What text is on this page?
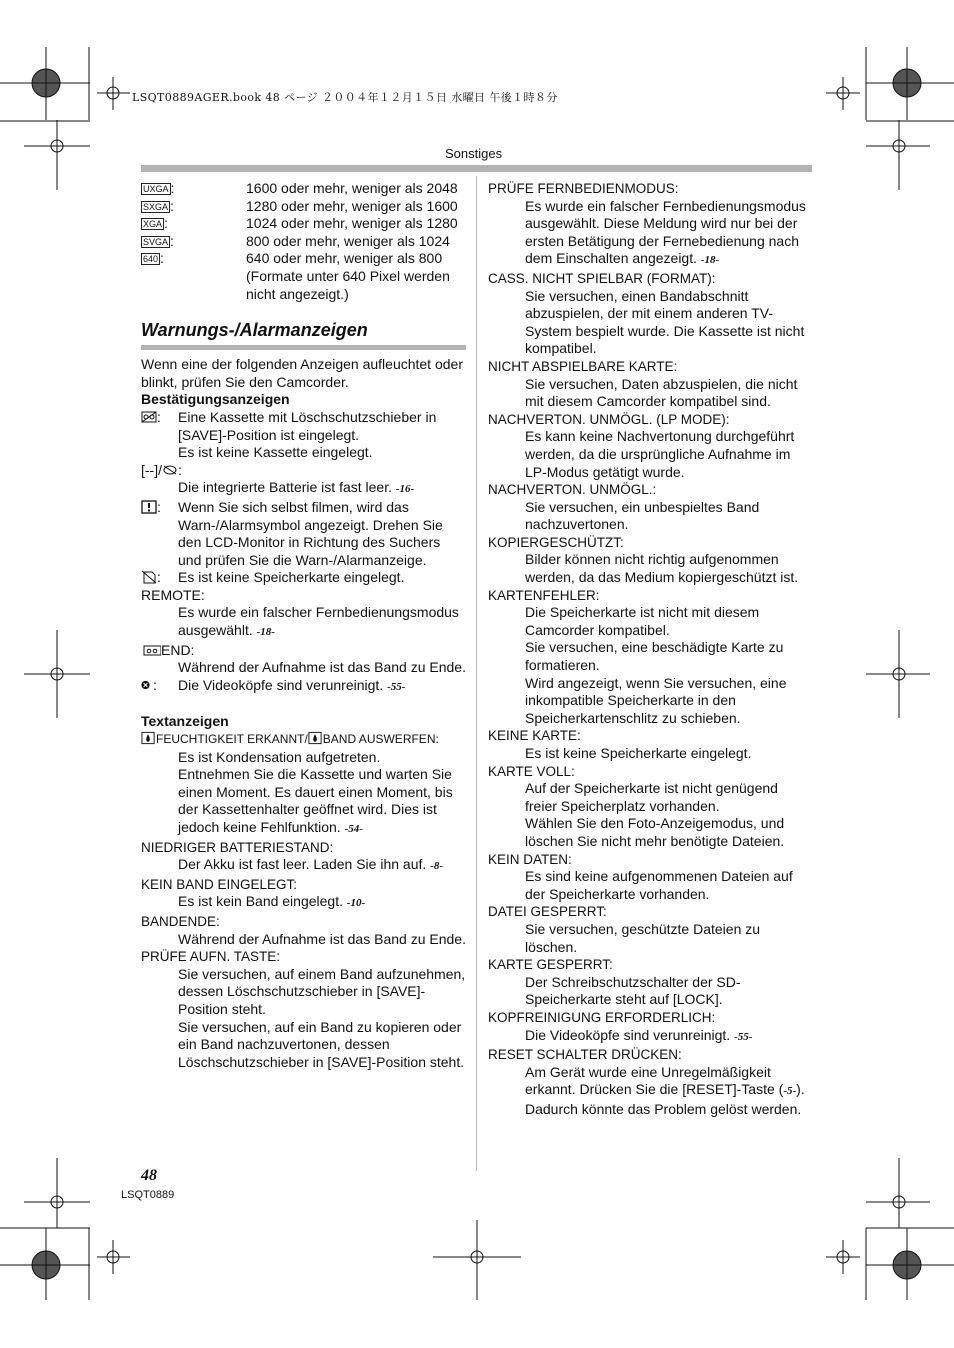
LSQT0889AGER.book 48 ページ ２００４年１２月１５日 水曜日 午後１時８分
Sonstiges
UXGA :	1600 oder mehr, weniger als 2048
SXGA :	1280 oder mehr, weniger als 1600
XGA :	1024 oder mehr, weniger als 1280
SVGA :	800 oder mehr, weniger als 1024
640 :	640 oder mehr, weniger als 800 (Formate unter 640 Pixel werden nicht angezeigt.)
Warnungs-/Alarmanzeigen
Wenn eine der folgenden Anzeigen aufleuchtet oder blinkt, prüfen Sie den Camcorder.
Bestätigungsanzeigen
:	Eine Kassette mit Löschschutzschieber in [SAVE]-Position ist eingelegt.
Es ist keine Kassette eingelegt.
[--]/ :
Die integrierte Batterie ist fast leer. -16-
:	Wenn Sie sich selbst filmen, wird das Warn-/Alarmsymbol angezeigt. Drehen Sie den LCD-Monitor in Richtung des Suchers und prüfen Sie die Warn-/Alarmanzeige.
:	Es ist keine Speicherkarte eingelegt.
REMOTE:
Es wurde ein falscher Fernbedienungsmodus ausgewählt. -18-
END:
Während der Aufnahme ist das Band zu Ende.
:	Die Videoköpfe sind verunreinigt. -55-
Textanzeigen
FEUCHTIGKEIT ERKANNT/ BAND AUSWERFEN:
Es ist Kondensation aufgetreten.
Entnehmen Sie die Kassette und warten Sie einen Moment. Es dauert einen Moment, bis der Kassettenhalter geöffnet wird. Dies ist jedoch keine Fehlfunktion. -54-
NIEDRIGER BATTERIESTAND:
Der Akku ist fast leer. Laden Sie ihn auf. -8-
KEIN BAND EINGELEGT:
Es ist kein Band eingelegt. -10-
BANDENDE:
Während der Aufnahme ist das Band zu Ende.
PRÜFE AUFN. TASTE:
Sie versuchen, auf einem Band aufzunehmen, dessen Löschschutzschieber in [SAVE]-Position steht.
Sie versuchen, auf ein Band zu kopieren oder ein Band nachzuvertonen, dessen Löschschutzschieber in [SAVE]-Position steht.
PRÜFE FERNBEDIENMODUS:
Es wurde ein falscher Fernbedienungsmodus ausgewählt. Diese Meldung wird nur bei der ersten Betätigung der Fernebedienung nach dem Einschalten angezeigt. -18-
CASS. NICHT SPIELBAR (FORMAT):
Sie versuchen, einen Bandabschnitt abzuspielen, der mit einem anderen TV-System bespielt wurde. Die Kassette ist nicht kompatibel.
NICHT ABSPIELBARE KARTE:
Sie versuchen, Daten abzuspielen, die nicht mit diesem Camcorder kompatibel sind.
NACHVERTON. UNMÖGL. (LP MODE):
Es kann keine Nachvertonung durchgeführt werden, da die ursprüngliche Aufnahme im LP-Modus getätigt wurde.
NACHVERTON. UNMÖGL.:
Sie versuchen, ein unbespieltes Band nachzuvertonen.
KOPIERGESCHÜTZT:
Bilder können nicht richtig aufgenommen werden, da das Medium kopiergeschützt ist.
KARTENFEHLER:
Die Speicherkarte ist nicht mit diesem Camcorder kompatibel.
Sie versuchen, eine beschädigte Karte zu formatieren.
Wird angezeigt, wenn Sie versuchen, eine inkompatible Speicherkarte in den Speicherkartenschlitz zu schieben.
KEINE KARTE:
Es ist keine Speicherkarte eingelegt.
KARTE VOLL:
Auf der Speicherkarte ist nicht genügend freier Speicherplatz vorhanden.
Wählen Sie den Foto-Anzeigemodus, und löschen Sie nicht mehr benötigte Dateien.
KEIN DATEN:
Es sind keine aufgenommenen Dateien auf der Speicherkarte vorhanden.
DATEI GESPERRT:
Sie versuchen, geschützte Dateien zu löschen.
KARTE GESPERRT:
Der Schreibschutzschalter der SD-Speicherkarte steht auf [LOCK].
KOPFREINIGUNG ERFORDERLICH:
Die Videoköpfe sind verunreinigt. -55-
RESET SCHALTER DRÜCKEN:
Am Gerät wurde eine Unregelmäßigkeit erkannt. Drücken Sie die [RESET]-Taste (-5-). Dadurch könnte das Problem gelöst werden.
48
LSQT0889
